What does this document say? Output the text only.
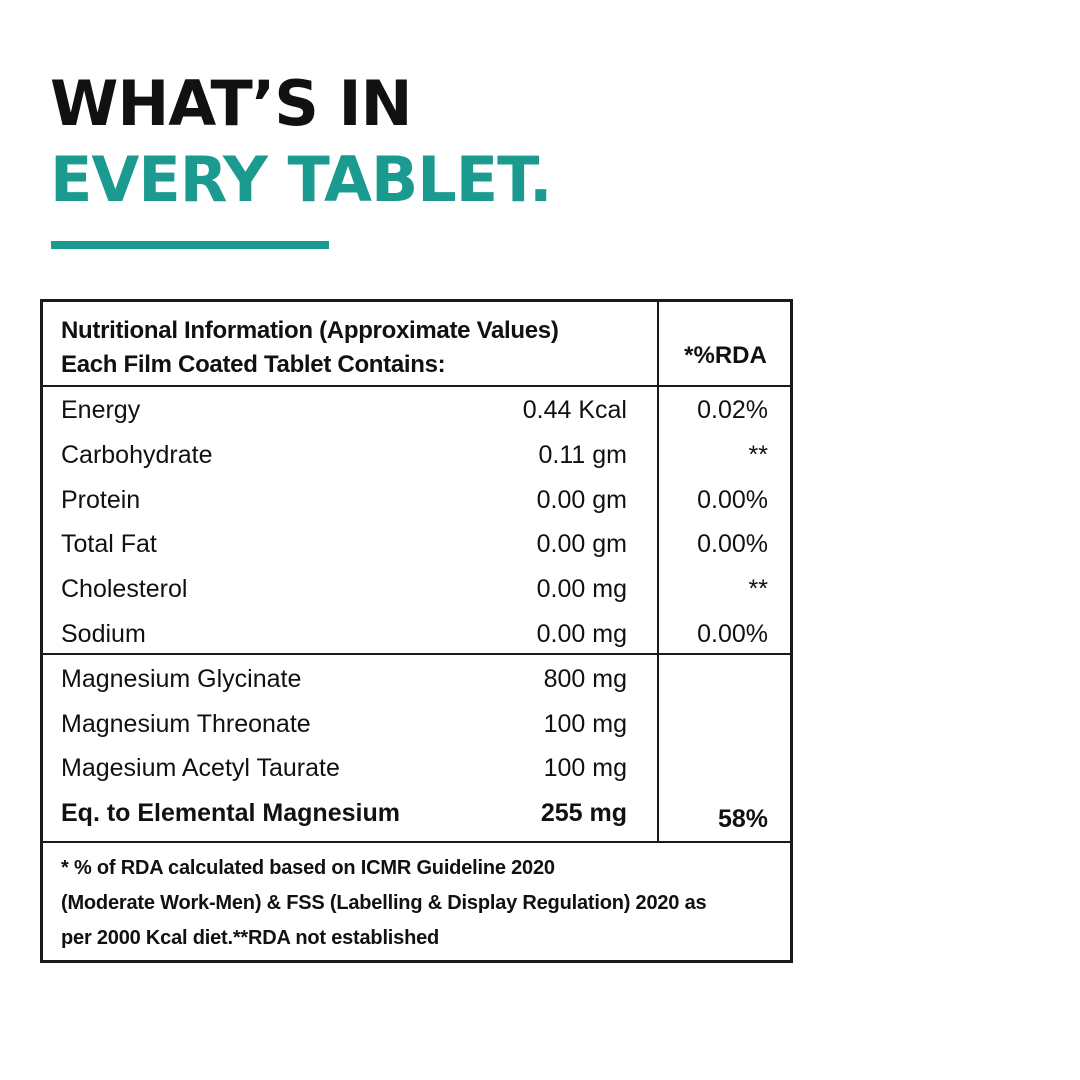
WHAT’S IN
EVERY TABLET.
Nutritional Information (Approximate Values)
Each Film Coated Tablet Contains:	*%RDA
Energy	0.44 Kcal	0.02%
Carbohydrate	0.11 gm	**
Protein	0.00 gm	0.00%
Total Fat	0.00 gm	0.00%
Cholesterol	0.00 mg	**
Sodium	0.00 mg	0.00%
Magnesium Glycinate	800 mg
Magnesium Threonate	100 mg
Magesium Acetyl Taurate	100 mg
Eq. to Elemental Magnesium	255 mg	58%
* % of RDA calculated based on ICMR Guideline 2020
(Moderate Work-Men) & FSS (Labelling & Display Regulation) 2020 as
per 2000 Kcal diet.**RDA not established
